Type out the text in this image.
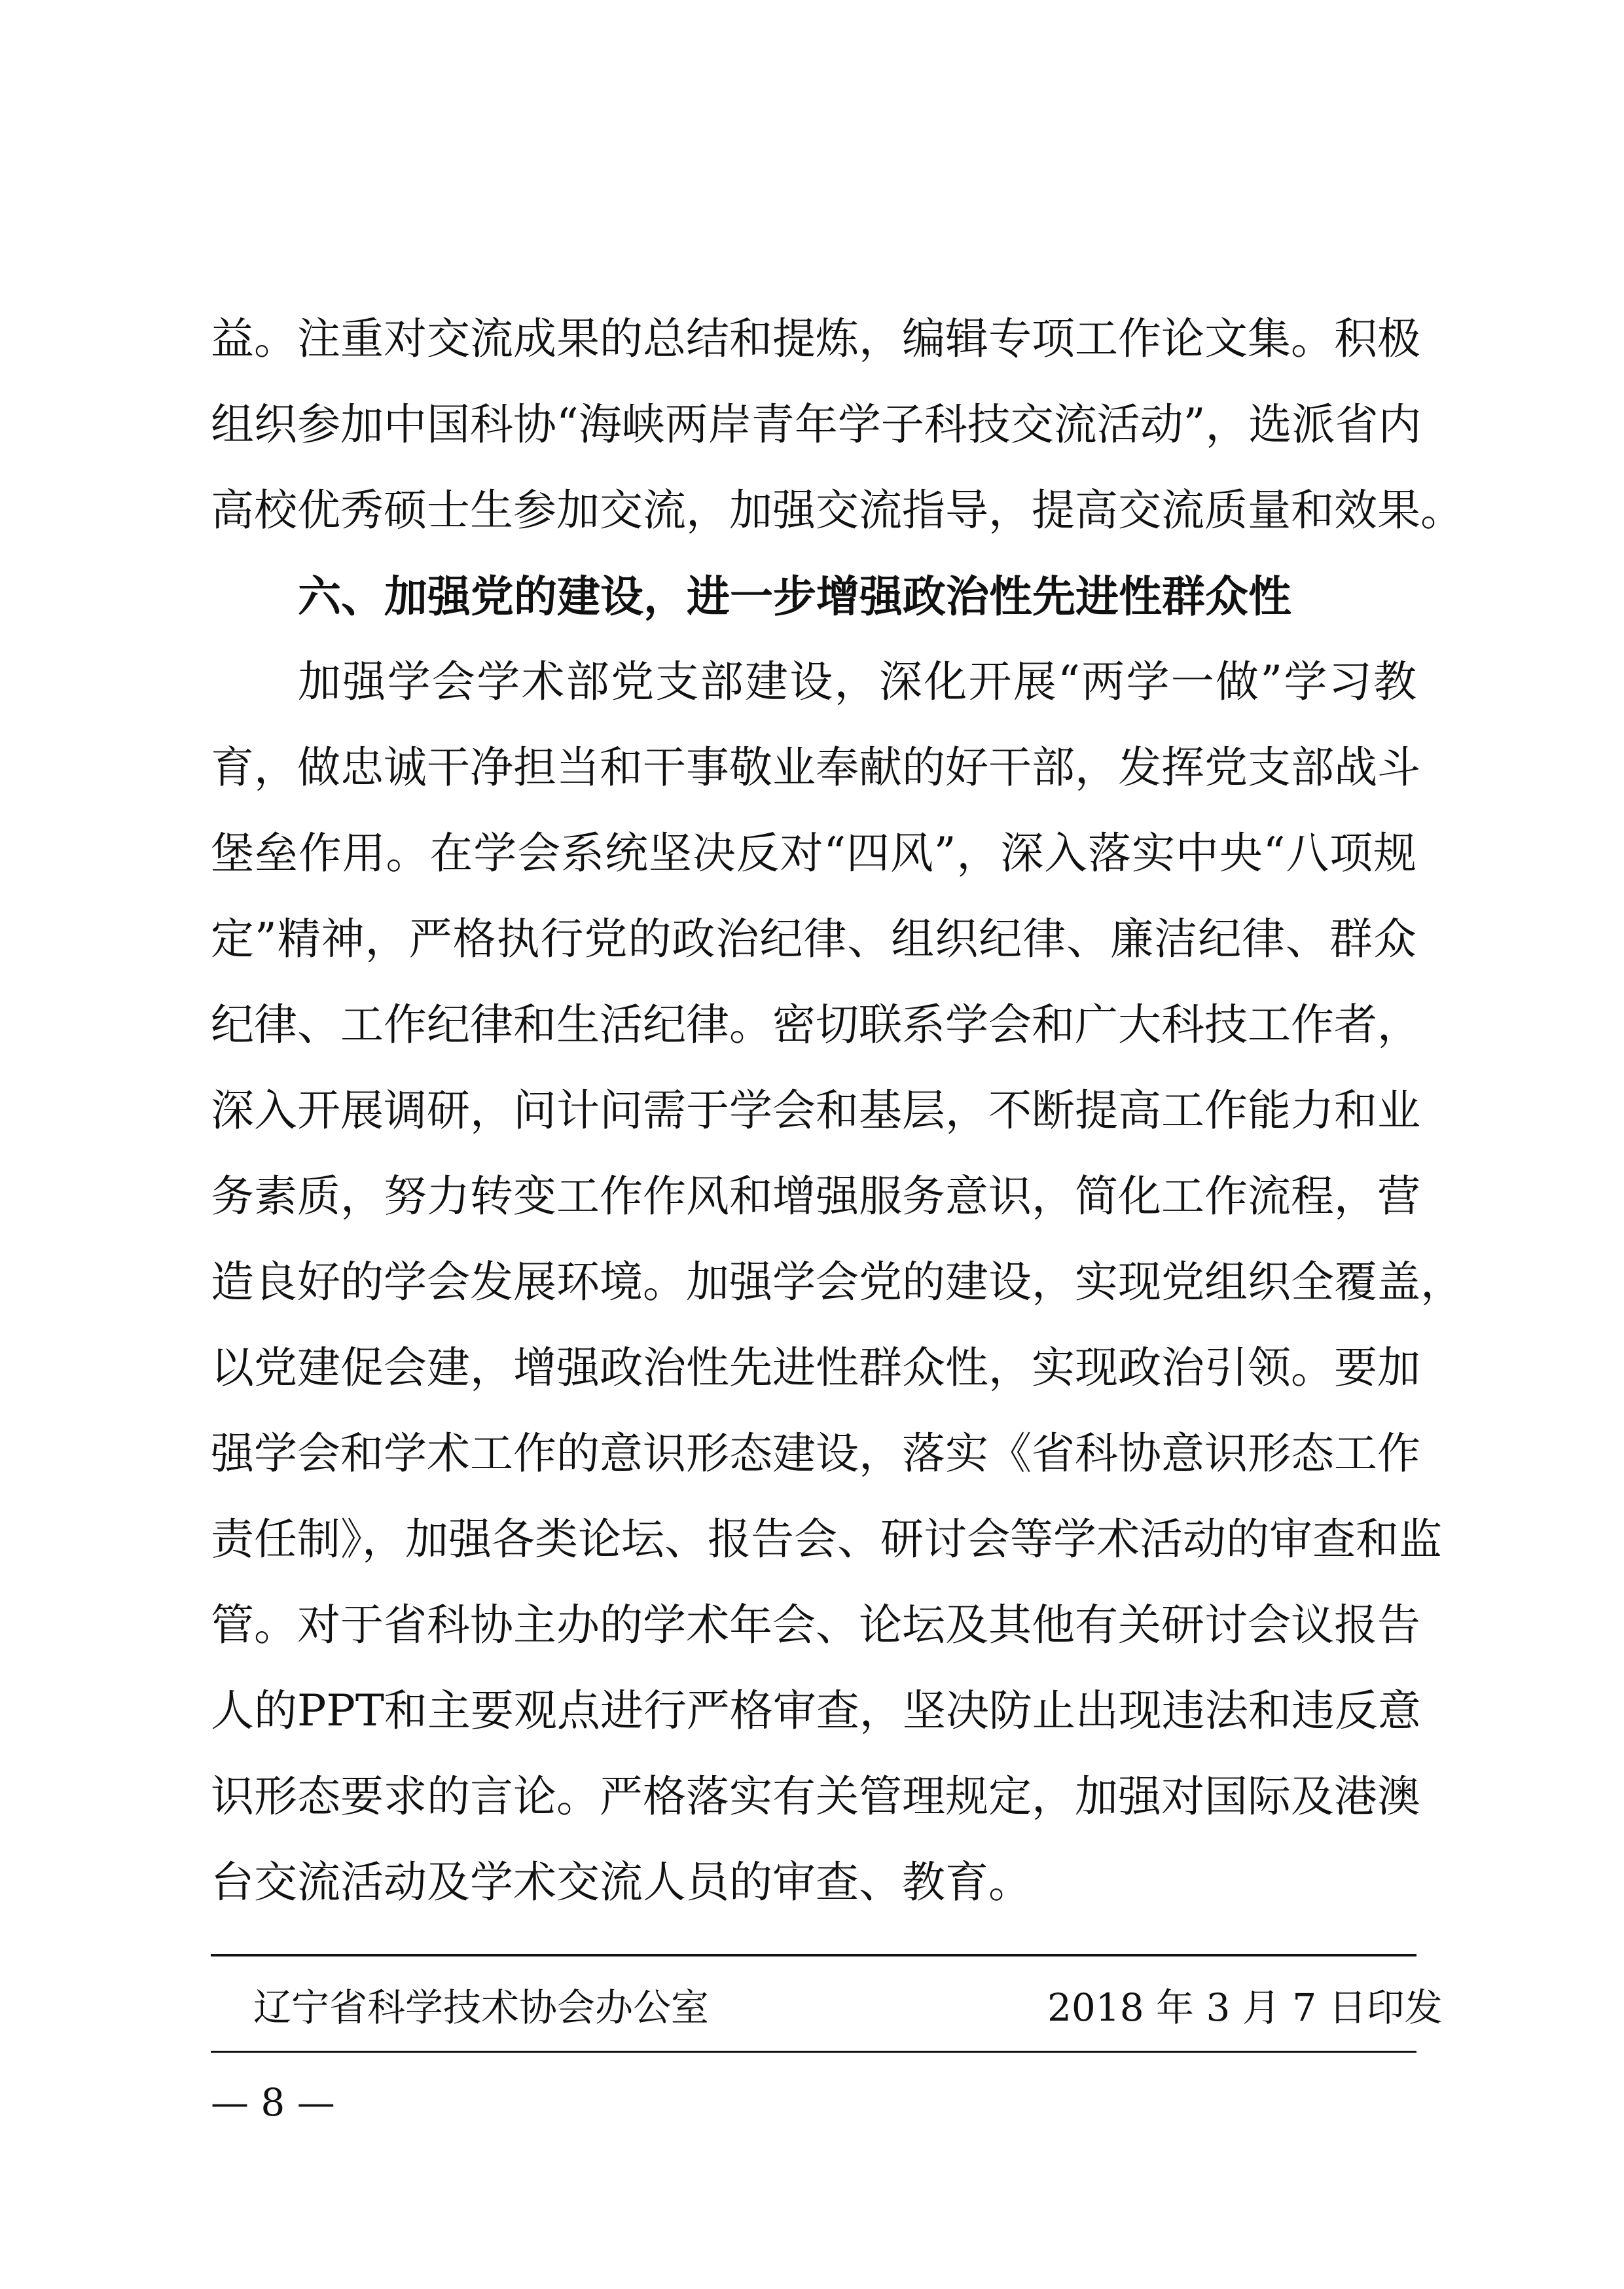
益。注重对交流成果的总结和提炼，编辑专项工作论文集。积极
组织参加中国科协“海峡两岸青年学子科技交流活动”，选派省内
高校优秀硕士生参加交流，加强交流指导，提高交流质量和效果。
六、加强党的建设，进一步增强政治性先进性群众性
加强学会学术部党支部建设，深化开展“两学一做”学习教
育，做忠诚干净担当和干事敬业奉献的好干部，发挥党支部战斗
堡垒作用。在学会系统坚决反对“四风”，深入落实中央“八项规
定”精神，严格执行党的政治纪律、组织纪律、廉洁纪律、群众
纪律、工作纪律和生活纪律。密切联系学会和广大科技工作者，
深入开展调研，问计问需于学会和基层，不断提高工作能力和业
务素质，努力转变工作作风和增强服务意识，简化工作流程，营
造良好的学会发展环境。加强学会党的建设，实现党组织全覆盖，
以党建促会建，增强政治性先进性群众性，实现政治引领。要加
强学会和学术工作的意识形态建设，落实《省科协意识形态工作
责任制》，加强各类论坛、报告会、研讨会等学术活动的审查和监
管。对于省科协主办的学术年会、论坛及其他有关研讨会议报告
人的PPT和主要观点进行严格审查，坚决防止出现违法和违反意
识形态要求的言论。严格落实有关管理规定，加强对国际及港澳
台交流活动及学术交流人员的审查、教育。
辽宁省科学技术协会办公室	2018 年 3 月 7 日印发
— 8 —
